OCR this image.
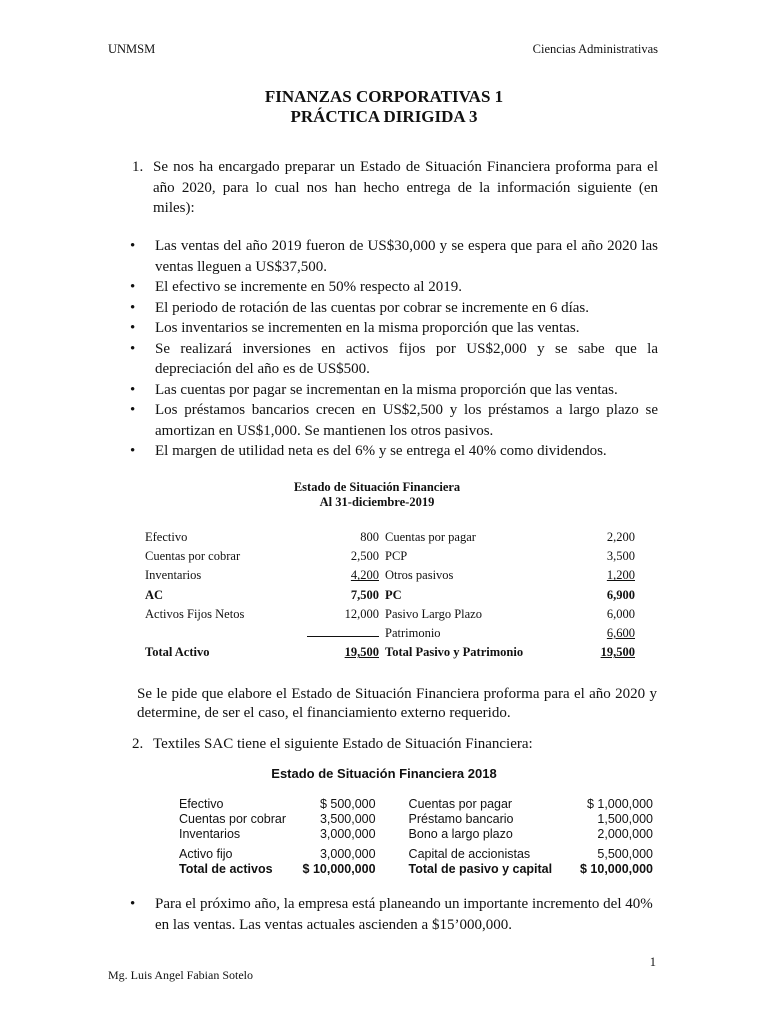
UNMSM	Ciencias Administrativas
FINANZAS CORPORATIVAS 1
PRÁCTICA DIRIGIDA 3
1. Se nos ha encargado preparar un Estado de Situación Financiera proforma para el año 2020, para lo cual nos han hecho entrega de la información siguiente (en miles):
• Las ventas del año 2019 fueron de US$30,000 y se espera que para el año 2020 las ventas lleguen a US$37,500.
• El efectivo se incremente en 50% respecto al 2019.
• El periodo de rotación de las cuentas por cobrar se incremente en 6 días.
• Los inventarios se incrementen en la misma proporción que las ventas.
• Se realizará inversiones en activos fijos por US$2,000 y se sabe que la depreciación del año es de US$500.
• Las cuentas por pagar se incrementan en la misma proporción que las ventas.
• Los préstamos bancarios crecen en US$2,500 y los préstamos a largo plazo se amortizan en US$1,000. Se mantienen los otros pasivos.
• El margen de utilidad neta es del 6% y se entrega el 40% como dividendos.
Estado de Situación Financiera
Al 31-diciembre-2019
Efectivo	800	Cuentas por pagar	2,200
Cuentas por cobrar	2,500	PCP	3,500
Inventarios	4,200	Otros pasivos	1,200
AC	7,500	PC	6,900
Activos Fijos Netos	12,000	Pasivo Largo Plazo	6,000
		Patrimonio	6,600
Total Activo	19,500	Total Pasivo y Patrimonio	19,500
Se le pide que elabore el Estado de Situación Financiera proforma para el año 2020 y determine, de ser el caso, el financiamiento externo requerido.
2. Textiles SAC tiene el siguiente Estado de Situación Financiera:
Estado de Situación Financiera 2018
Efectivo	$ 500,000	Cuentas por pagar	$ 1,000,000
Cuentas por cobrar	3,500,000	Préstamo bancario	1,500,000
Inventarios	3,000,000	Bono a largo plazo	2,000,000
Activo fijo	3,000,000	Capital de accionistas	5,500,000
Total de activos	$ 10,000,000	Total de pasivo y capital	$ 10,000,000
•	Para el próximo año, la empresa está planeando un importante incremento del 40% en las ventas. Las ventas actuales ascienden a $15’000,000.
1
Mg. Luis Angel Fabian Sotelo
